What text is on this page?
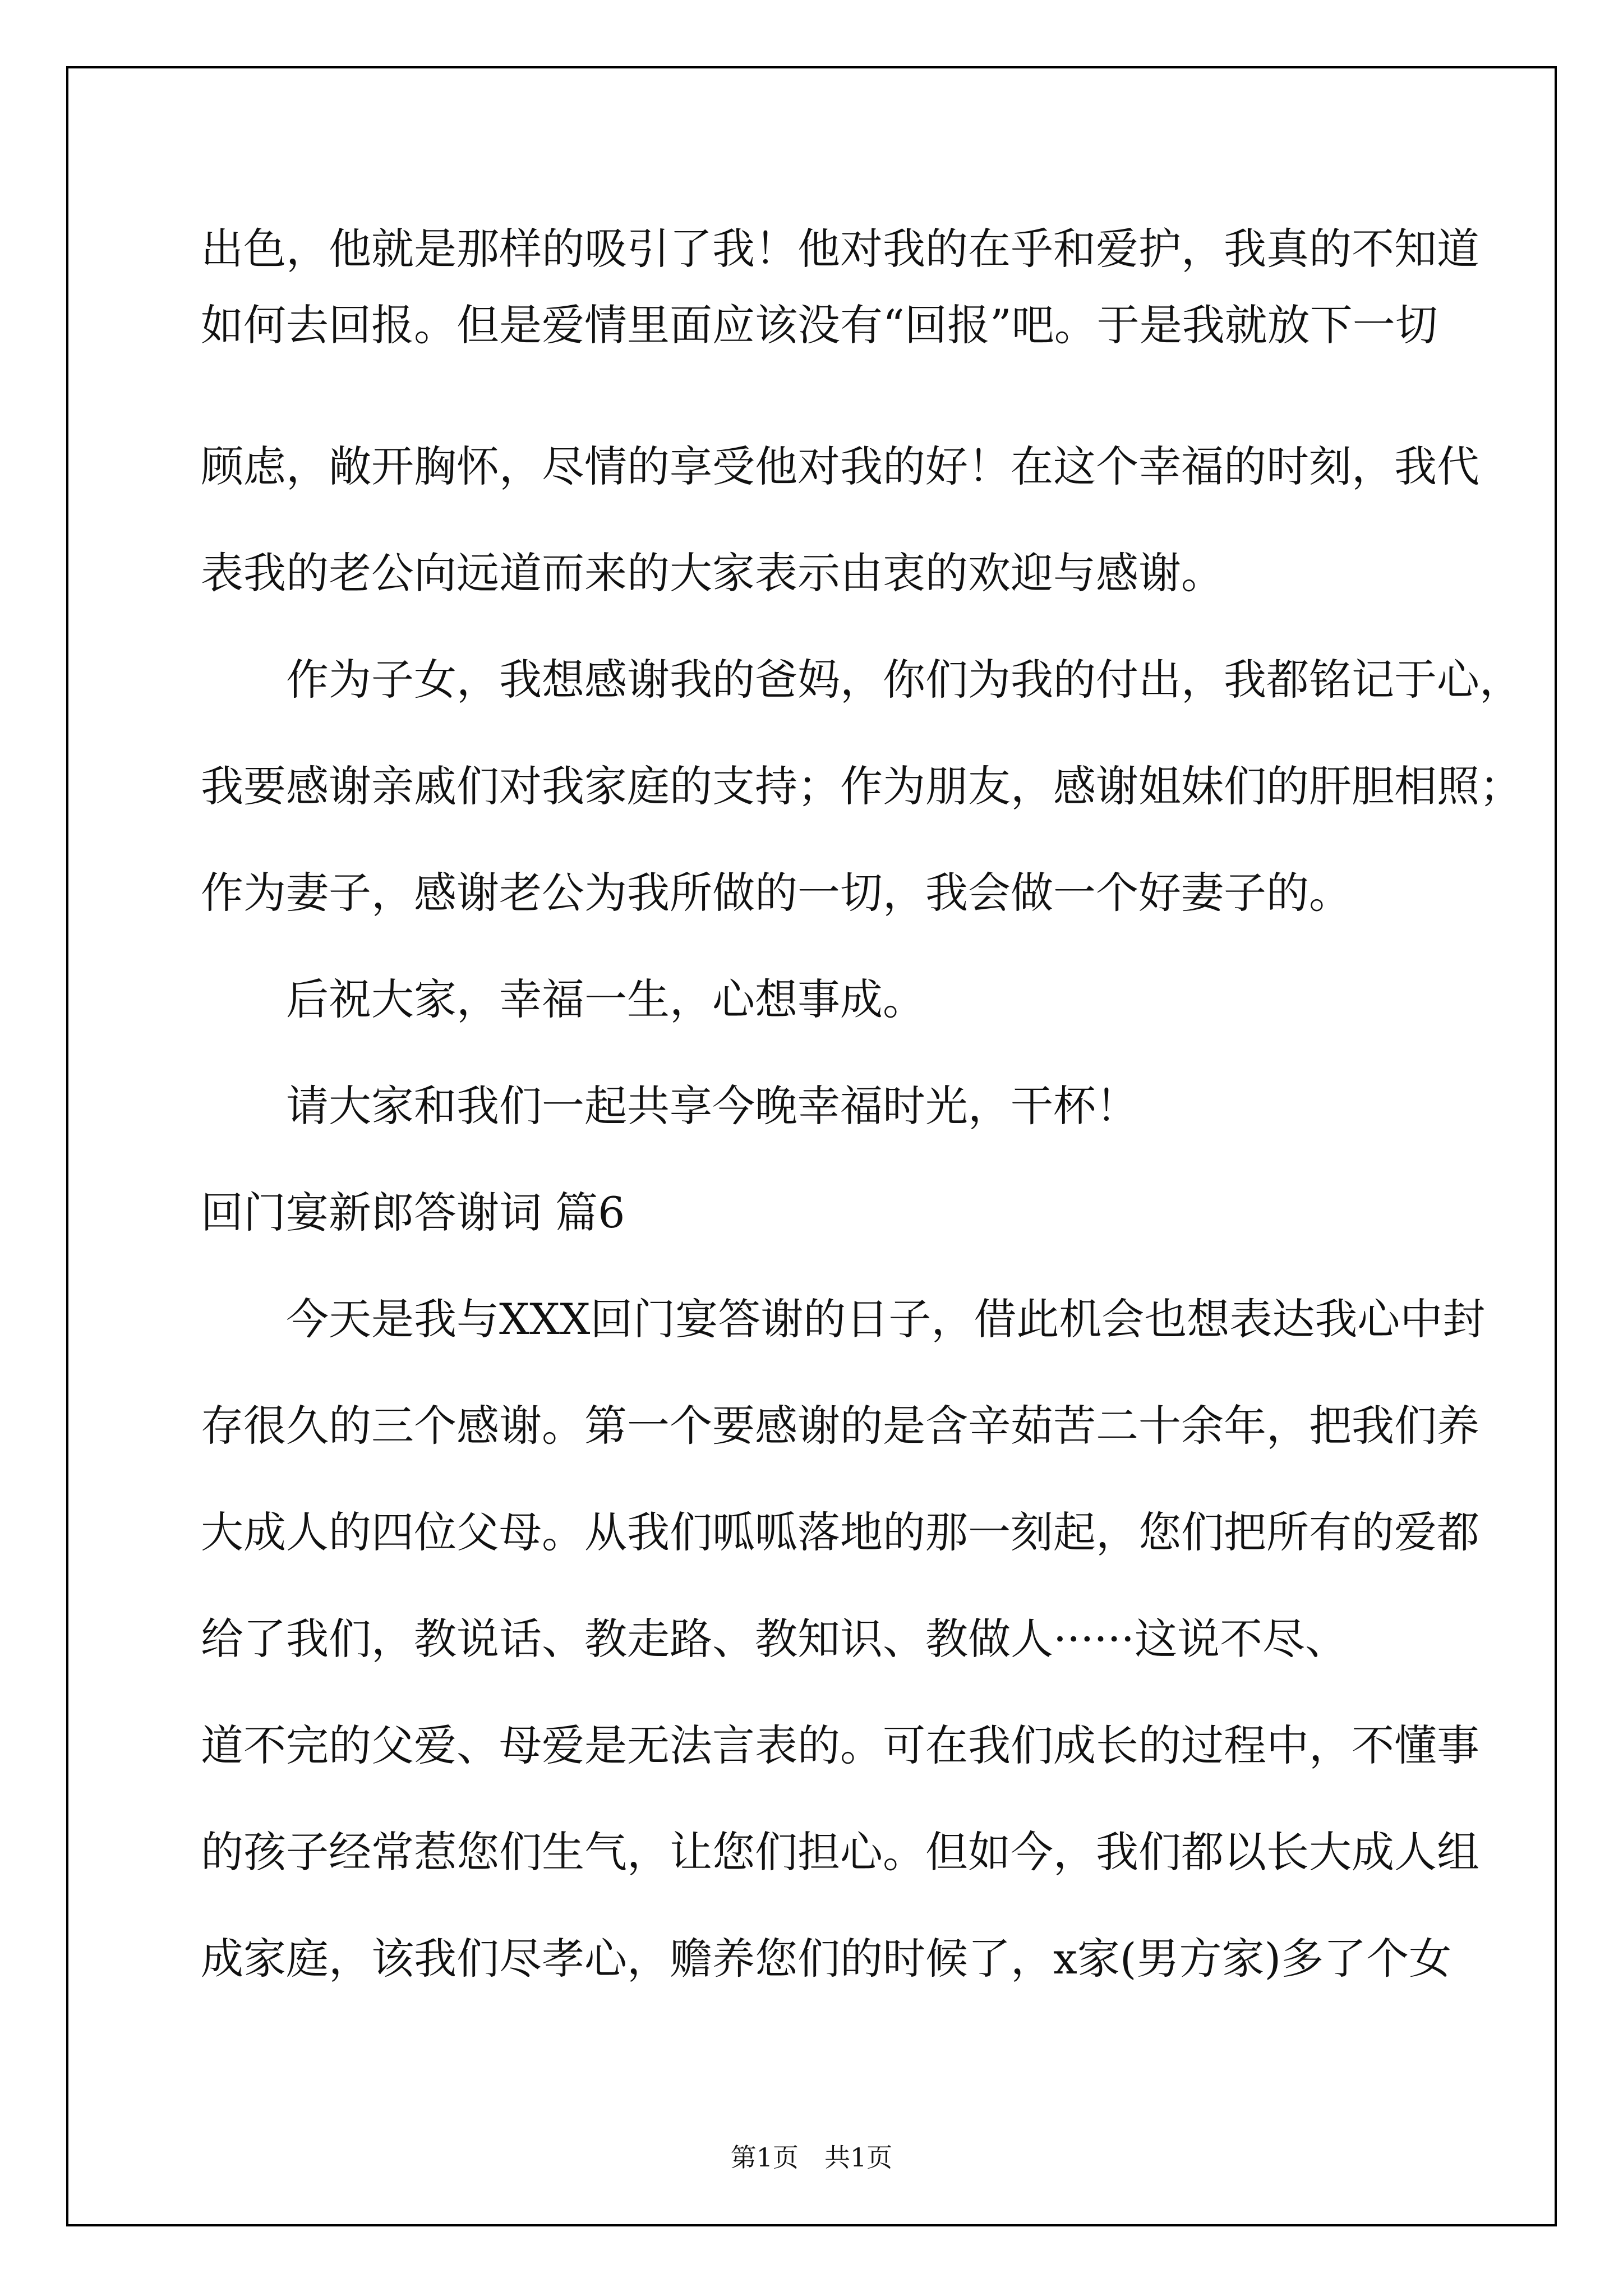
出色，他就是那样的吸引了我！他对我的在乎和爱护，我真的不知道
如何去回报。但是爱情里面应该没有“回报”吧。于是我就放下一切
顾虑，敞开胸怀，尽情的享受他对我的好！在这个幸福的时刻，我代
表我的老公向远道而来的大家表示由衷的欢迎与感谢。
　　作为子女，我想感谢我的爸妈，你们为我的付出，我都铭记于心，
我要感谢亲戚们对我家庭的支持；作为朋友，感谢姐妹们的肝胆相照；
作为妻子，感谢老公为我所做的一切，我会做一个好妻子的。
　　后祝大家，幸福一生，心想事成。
　　请大家和我们一起共享今晚幸福时光，干杯！
回门宴新郎答谢词 篇6
　　今天是我与XXX回门宴答谢的日子，借此机会也想表达我心中封
存很久的三个感谢。第一个要感谢的是含辛茹苦二十余年，把我们养
大成人的四位父母。从我们呱呱落地的那一刻起，您们把所有的爱都
给了我们，教说话、教走路、教知识、教做人······这说不尽、
道不完的父爱、母爱是无法言表的。可在我们成长的过程中，不懂事
的孩子经常惹您们生气，让您们担心。但如今，我们都以长大成人组
成家庭，该我们尽孝心，赡养您们的时候了，x家(男方家)多了个女
第1页　共1页
